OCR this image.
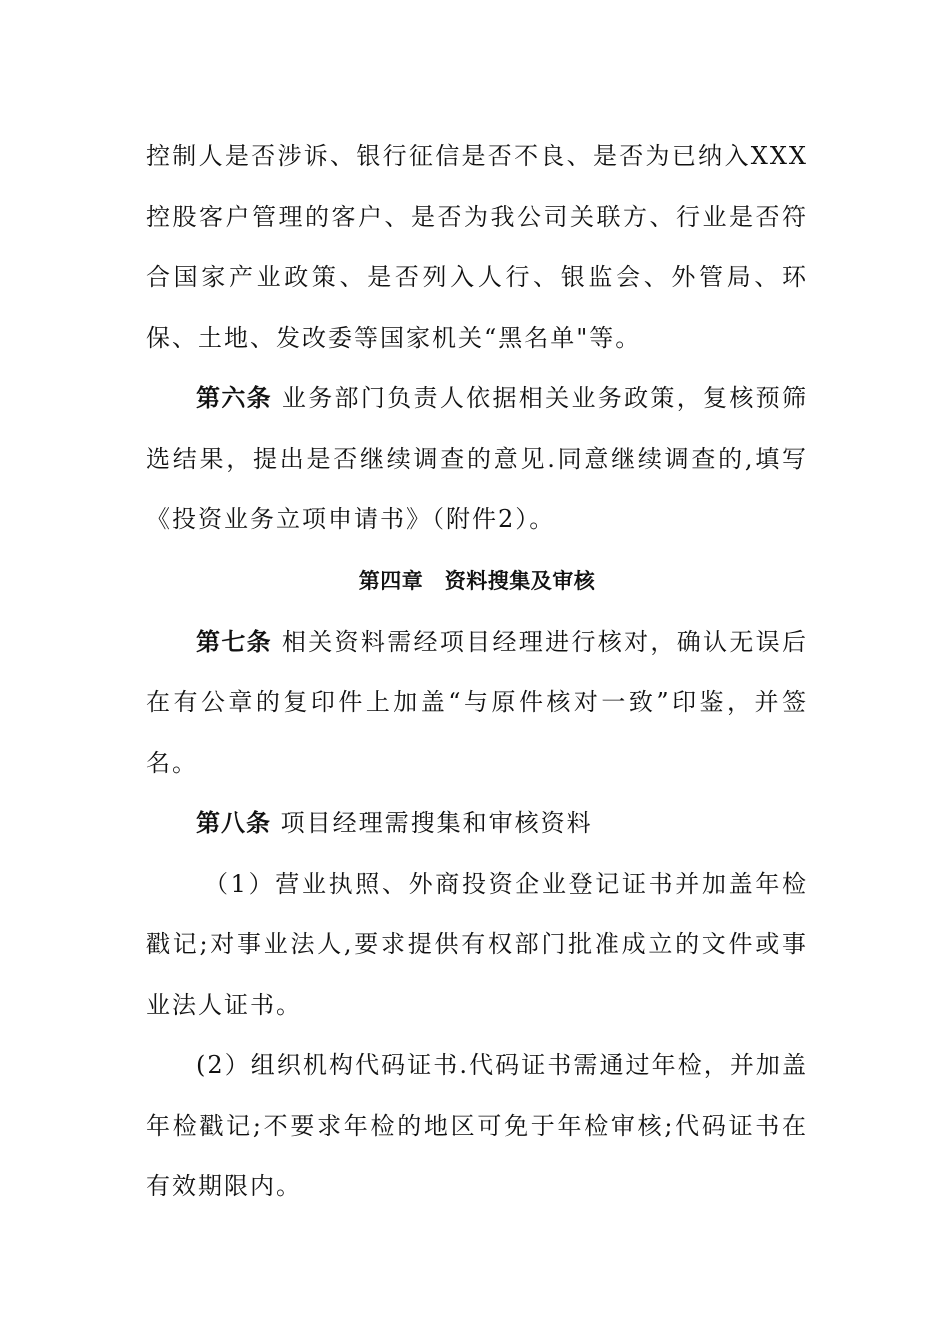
控制人是否涉诉、银行征信是否不良、是否为已纳入XXX控股客户管理的客户、是否为我公司关联方、行业是否符合国家产业政策、是否列入人行、银监会、外管局、环保、土地、发改委等国家机关“黑名单"等。

第六条 业务部门负责人依据相关业务政策，复核预筛选结果，提出是否继续调查的意见.同意继续调查的,填写《投资业务立项申请书》（附件2）。

第四章　资料搜集及审核

第七条 相关资料需经项目经理进行核对，确认无误后在有公章的复印件上加盖“与原件核对一致”印鉴，并签名。

第八条 项目经理需搜集和审核资料

（1）营业执照、外商投资企业登记证书并加盖年检戳记;对事业法人,要求提供有权部门批准成立的文件或事业法人证书。

(2）组织机构代码证书.代码证书需通过年检，并加盖年检戳记;不要求年检的地区可免于年检审核;代码证书在有效期限内。
